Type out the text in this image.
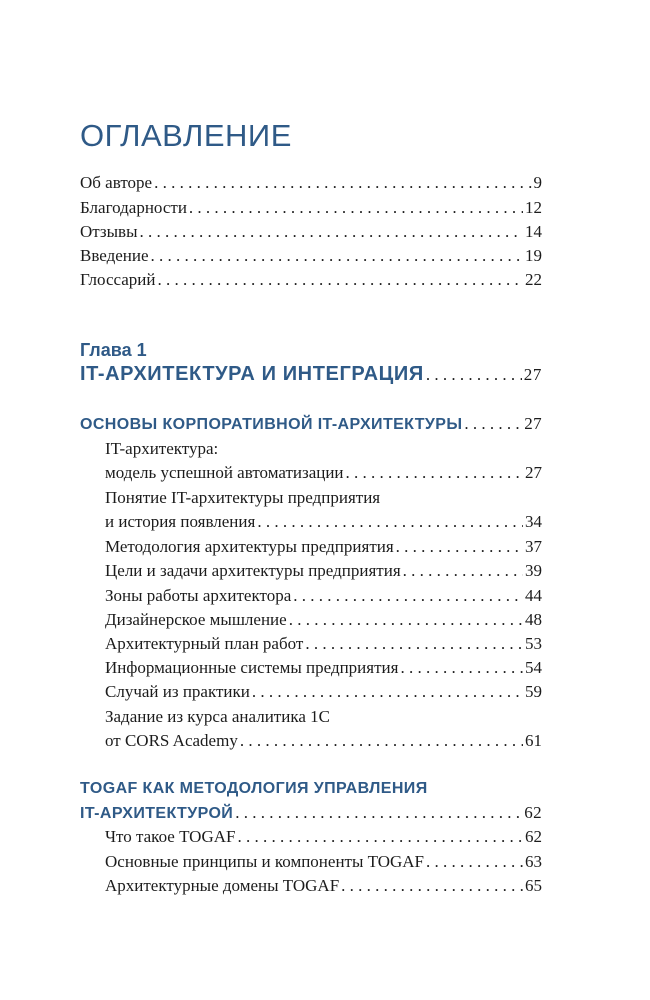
ОГЛАВЛЕНИЕ
Об авторе . . .	9
Благодарности . . .	12
Отзывы . . .	14
Введение . . .	19
Глоссарий . . .	22
Глава 1
IT-АРХИТЕКТУРА И ИНТЕГРАЦИЯ . . .	27
ОСНОВЫ КОРПОРАТИВНОЙ IT-АРХИТЕКТУРЫ . . .	27
IT-архитектура:
модель успешной автоматизации . . .	27
Понятие IT-архитектуры предприятия
и история появления . . .	34
Методология архитектуры предприятия . . .	37
Цели и задачи архитектуры предприятия . . .	39
Зоны работы архитектора . . .	44
Дизайнерское мышление . . .	48
Архитектурный план работ . . .	53
Информационные системы предприятия . . .	54
Случай из практики . . .	59
Задание из курса аналитика 1С
от CORS Academy . . .	61
TOGAF КАК МЕТОДОЛОГИЯ УПРАВЛЕНИЯ
IT-АРХИТЕКТУРОЙ . . .	62
Что такое TOGAF . . .	62
Основные принципы и компоненты TOGAF . . .	63
Архитектурные домены TOGAF . . .	65
